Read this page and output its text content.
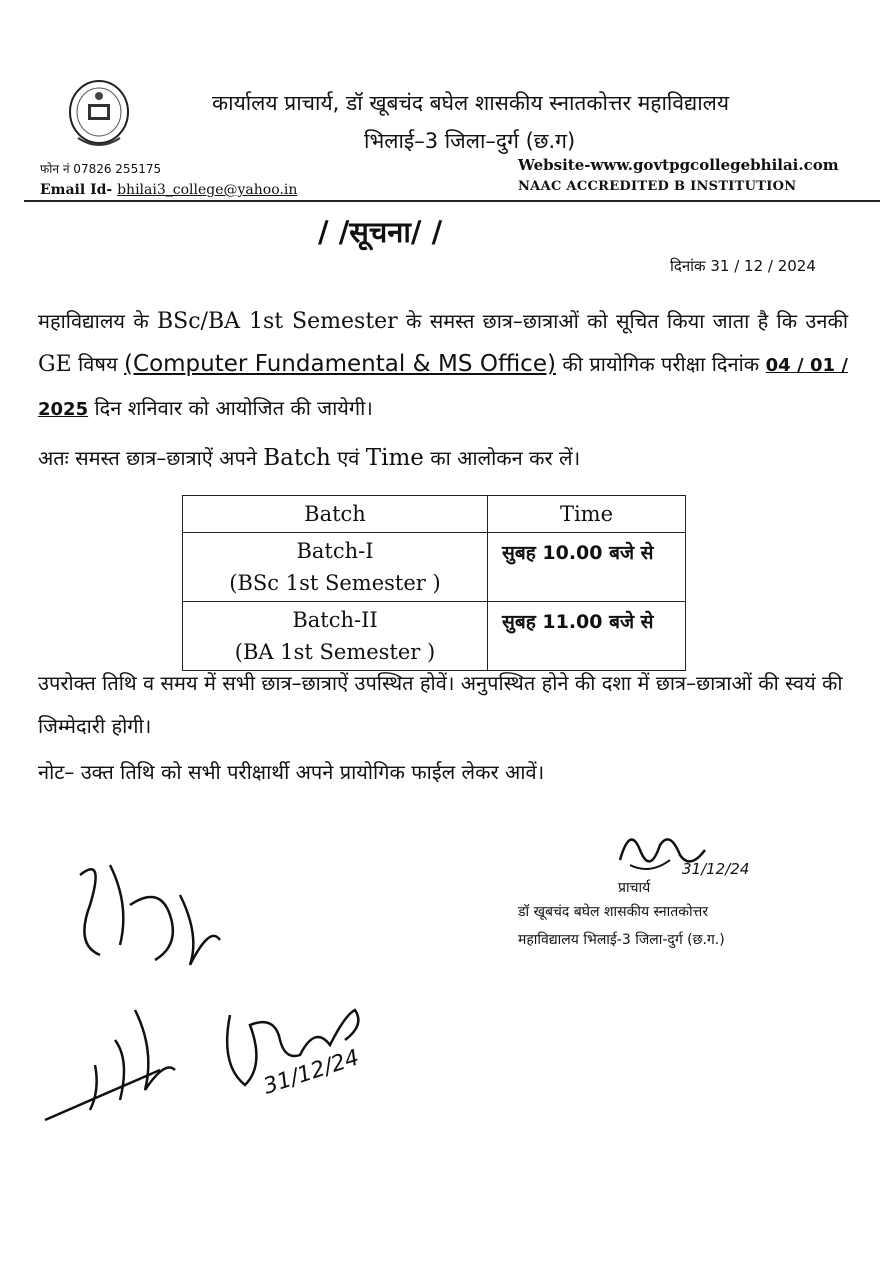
कार्यालय प्राचार्य, डॉ खूबचंद बघेल शासकीय स्नातकोत्तर महाविद्यालय
भिलाई–3 जिला–दुर्ग (छ.ग)
फोन नं 07826 255175
Email Id- bhilai3_college@yahoo.in
Website-www.govtpgcollegebhilai.com
NAAC ACCREDITED B INSTITUTION
/ /सूचना/ /
दिनांक 31 / 12 / 2024
महाविद्यालय के BSc/BA 1st Semester के समस्त छात्र–छात्राओं को सूचित किया जाता है कि उनकी GE विषय (Computer Fundamental & MS Office) की प्रायोगिक परीक्षा दिनांक 04 / 01 / 2025 दिन शनिवार को आयोजित की जायेगी।
अतः समस्त छात्र–छात्राऐं अपने Batch एवं Time का आलोकन कर लें।
Batch	Time

Batch-I
(BSc 1st Semester )	सुबह 10.00 बजे से

Batch-II
(BA 1st Semester )	सुबह 11.00 बजे से
उपरोक्त तिथि व समय में सभी छात्र–छात्राऐं उपस्थित होवें। अनुपस्थित होने की दशा में छात्र–छात्राओं की स्वयं की जिम्मेदारी होगी।
नोट– उक्त तिथि को सभी परीक्षार्थी अपने प्रायोगिक फाईल लेकर आवें।
31/12/24
प्राचार्य
डॉ खूबचंद बघेल शासकीय स्नातकोत्तर
महाविद्यालय भिलाई-3 जिला-दुर्ग (छ.ग.)
31/12/24
